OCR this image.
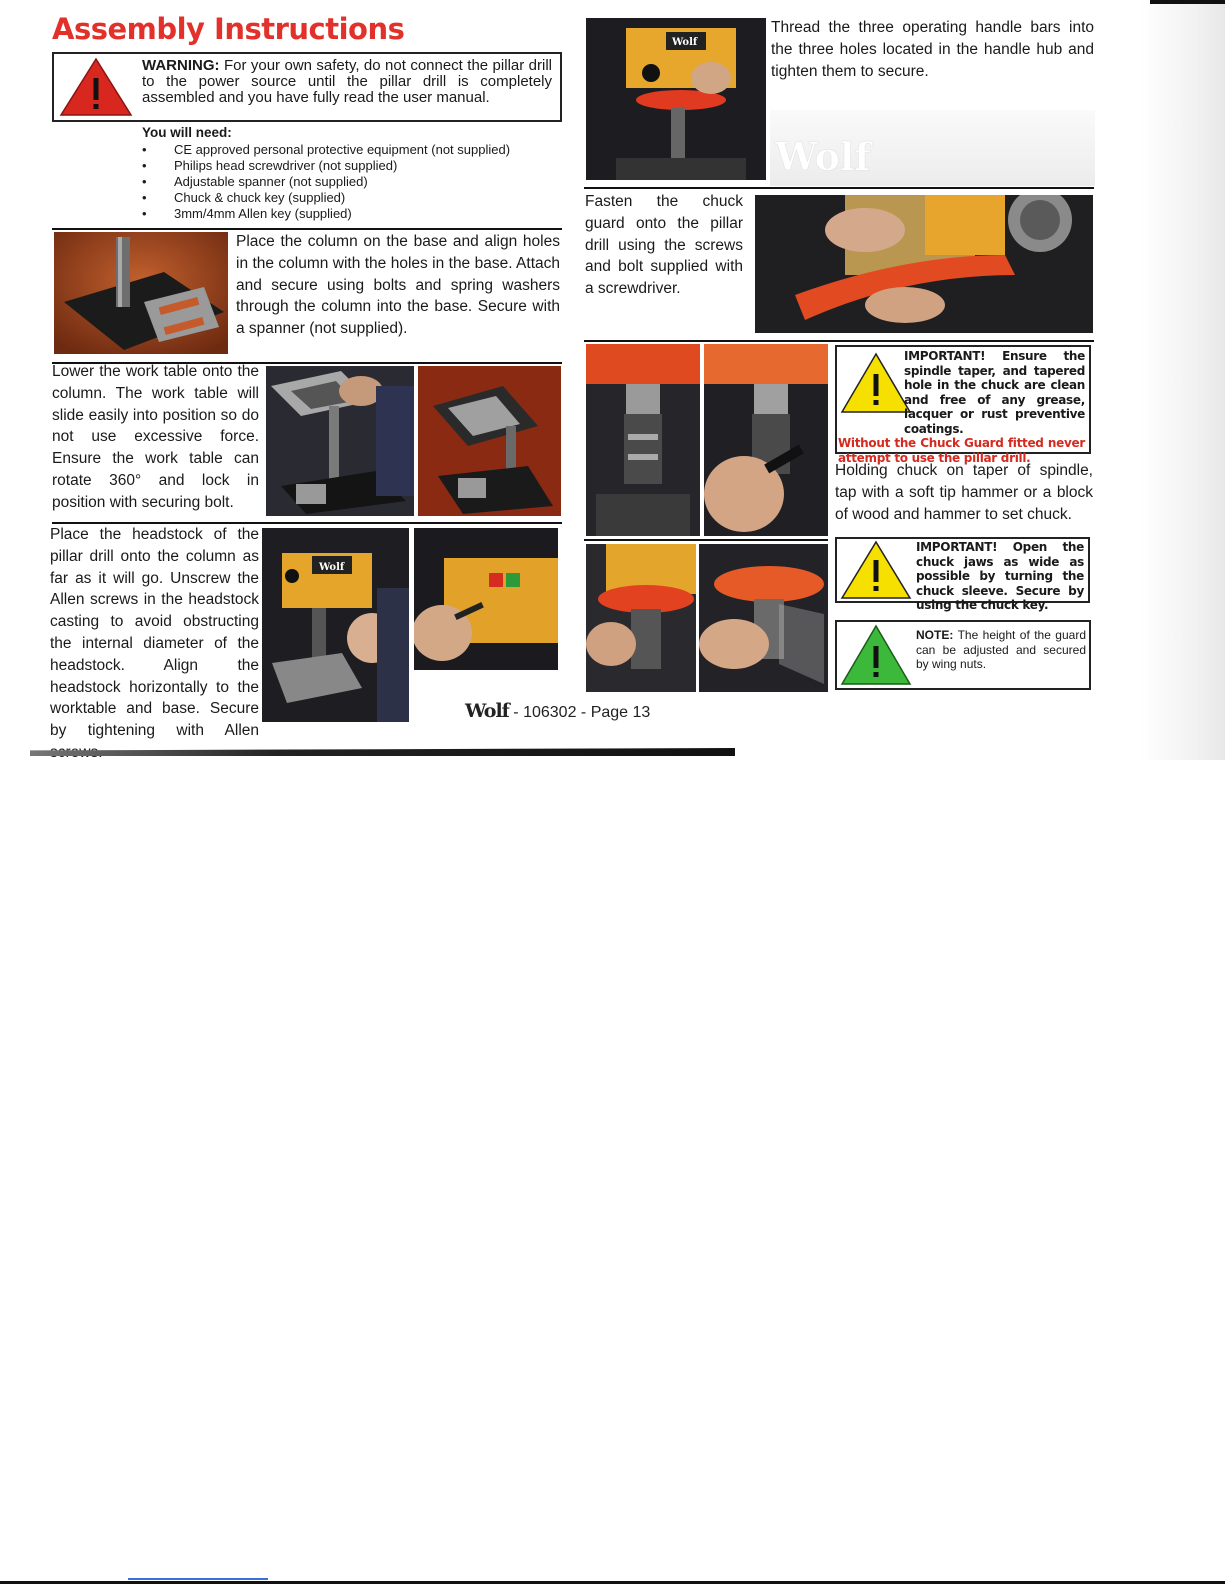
Assembly Instructions
WARNING: For your own safety, do not connect the pillar drill to the power source until the pillar drill is completely assembled and you have fully read the user manual.
You will need:
• CE approved personal protective equipment (not supplied)
• Philips head screwdriver (not supplied)
• Adjustable spanner (not supplied)
• Chuck & chuck key (supplied)
• 3mm/4mm Allen key (supplied)
Place the column on the base and align holes in the column with the holes in the base. Attach and secure using bolts and spring washers through the column into the base. Secure with a spanner (not supplied).
Lower the work table onto the column. The work table will slide easily into position so do not use excessive force. Ensure the work table can rotate 360° and lock in position with securing bolt.
Place the headstock of the pillar drill onto the column as far as it will go. Unscrew the Allen screws in the headstock casting to avoid obstructing the internal diameter of the headstock. Align the headstock horizontally to the worktable and base. Secure by tightening with Allen
Wolf
Wolf
Thread the three operating handle bars into the three holes located in the handle hub and tighten them to secure.
Wolf
Fasten the chuck guard onto the pillar drill using the screws and bolt supplied with a screwdriver.
IMPORTANT! Ensure the spindle taper, and tapered hole in the chuck are clean and free of any grease, lacquer or rust preventive coatings.
Without the Chuck Guard fitted never attempt to use the pillar drill.
Holding chuck on taper of spindle, tap with a soft tip hammer or a block of wood and hammer to set chuck.
IMPORTANT! Open the chuck jaws as wide as possible by turning the chuck sleeve. Secure by using the chuck key.
NOTE: The height of the guard can be adjusted and secured by wing nuts.
Wolf - 106302 - Page 13
